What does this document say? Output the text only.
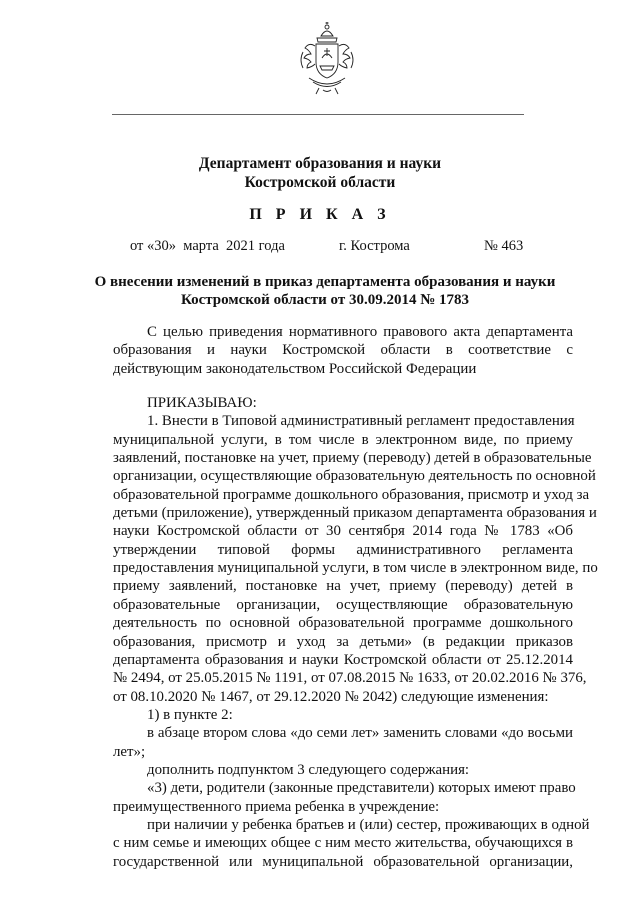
Департамент образования и науки
Костромской области
П Р И К А З
от «30»  марта  2021 года	г. Кострома	№ 463
О внесении изменений в приказ департамента образования и науки
Костромской области от 30.09.2014 № 1783

С целью приведения нормативного правового акта департамента образования и науки Костромской области в соответствие с действующим законодательством Российской Федерации

ПРИКАЗЫВАЮ:

1. Внести в Типовой административный регламент предоставления
муниципальной услуги, в том числе в электронном виде, по приему
заявлений, постановке на учет, приему (переводу) детей в образовательные
организации, осуществляющие образовательную деятельность по основной
образовательной программе дошкольного образования, присмотр и уход за
детьми (приложение), утвержденный приказом департамента образования и
науки Костромской области от 30 сентября 2014 года № 1783 «Об
утверждении типовой формы административного регламента
предоставления муниципальной услуги, в том числе в электронном виде, по
приему заявлений, постановке на учет, приему (переводу) детей в
образовательные организации, осуществляющие образовательную
деятельность по основной образовательной программе дошкольного
образования, присмотр и уход за детьми» (в редакции приказов
департамента образования и науки Костромской области от 25.12.2014
№ 2494, от 25.05.2015 № 1191, от 07.08.2015 № 1633, от 20.02.2016 № 376,
от 08.10.2020 № 1467, от 29.12.2020 № 2042) следующие изменения:

1) в пункте 2:

в абзаце втором слова «до семи лет» заменить словами «до восьми
лет»;

дополнить подпунктом 3 следующего содержания:

«3) дети, родители (законные представители) которых имеют право
преимущественного приема ребенка в учреждение:
при наличии у ребенка братьев и (или) сестер, проживающих в одной
с ним семье и имеющих общее с ним место жительства, обучающихся в
государственной или муниципальной образовательной организации,
